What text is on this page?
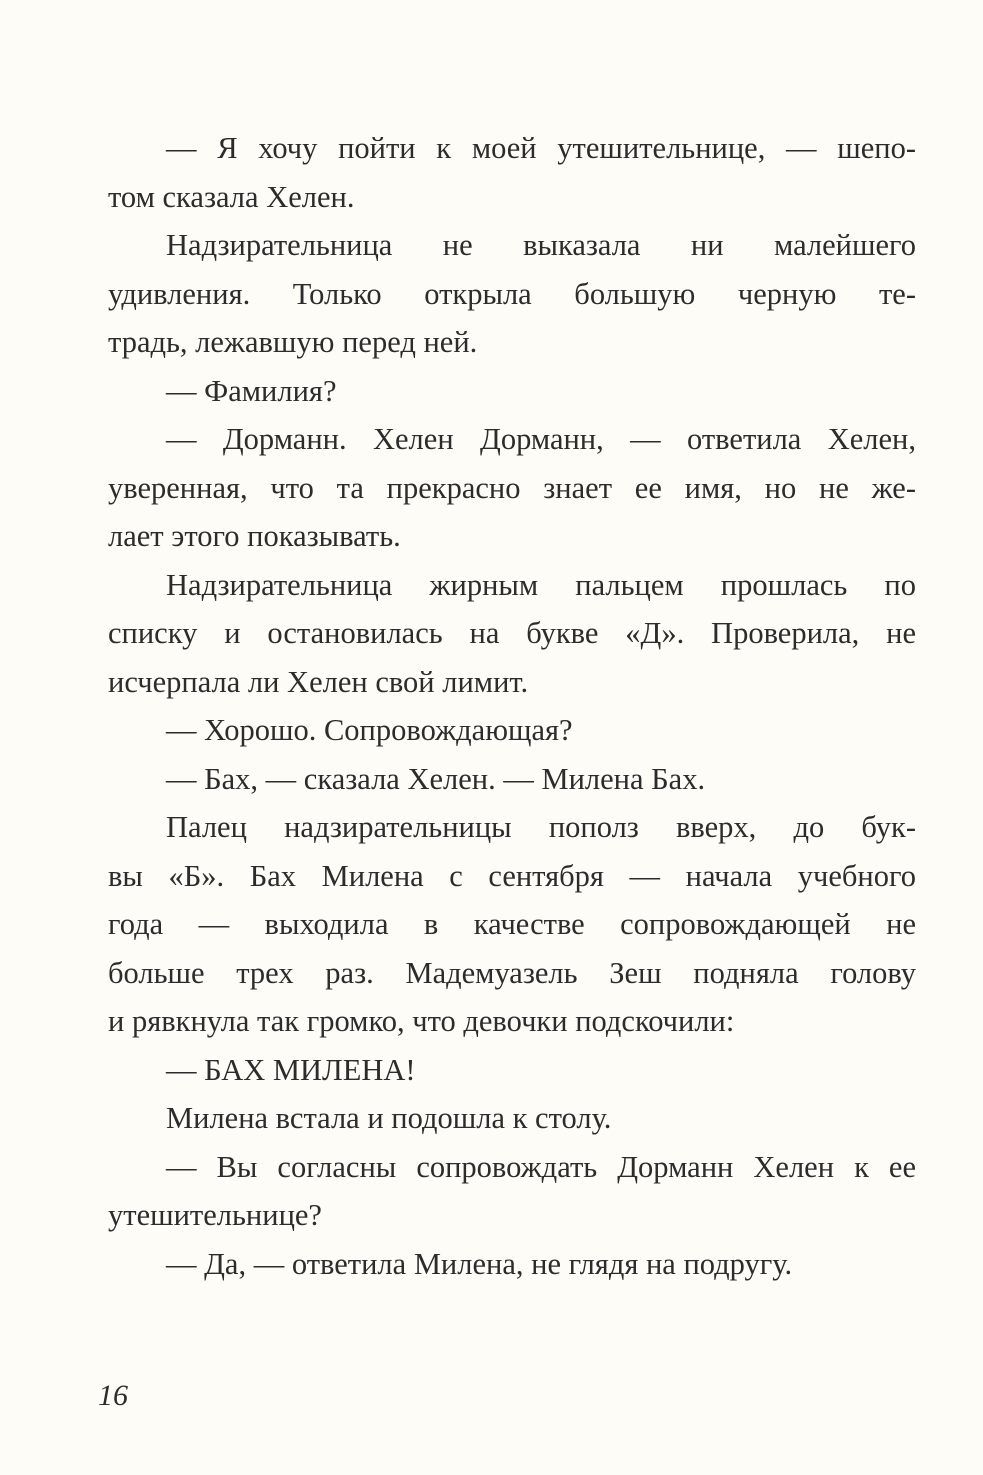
— Я хочу пойти к моей утешительнице, — шепо-
том сказала Хелен.
Надзирательница не выказала ни малейшего
удивления. Только открыла большую черную те-
традь, лежавшую перед ней.
— Фамилия?
— Дорманн. Хелен Дорманн, — ответила Хелен,
уверенная, что та прекрасно знает ее имя, но не же-
лает этого показывать.
Надзирательница жирным пальцем прошлась по
списку и остановилась на букве «Д». Проверила, не
исчерпала ли Хелен свой лимит.
— Хорошо. Сопровождающая?
— Бах, — сказала Хелен. — Милена Бах.
Палец надзирательницы пополз вверх, до бук-
вы «Б». Бах Милена с сентября — начала учебного
года — выходила в качестве сопровождающей не
больше трех раз. Мадемуазель Зеш подняла голову
и рявкнула так громко, что девочки подскочили:
— БАХ МИЛЕНА!
Милена встала и подошла к столу.
— Вы согласны сопровождать Дорманн Хелен к ее
утешительнице?
— Да, — ответила Милена, не глядя на подругу.
16
